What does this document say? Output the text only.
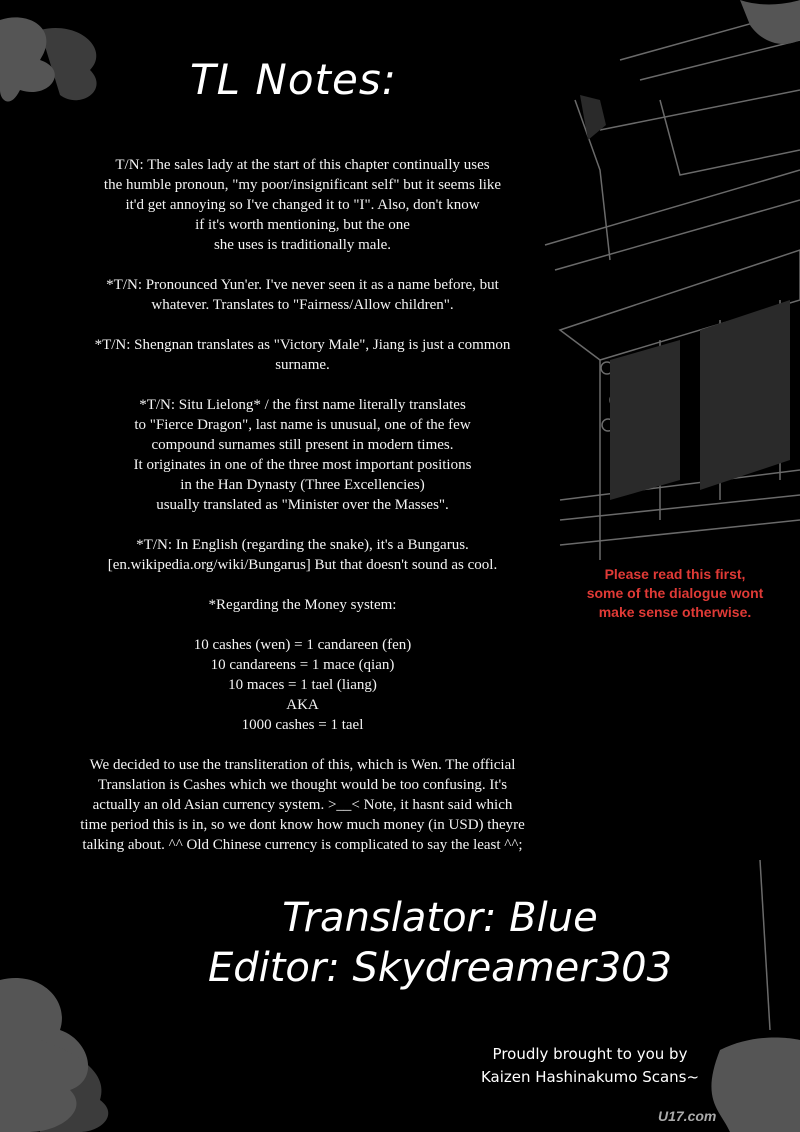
TL Notes:

T/N: The sales lady at the start of this chapter continually uses
the humble pronoun, "my poor/insignificant self" but it seems like
it'd get annoying so I've changed it to "I". Also, don't know
if it's worth mentioning, but the one
she uses is traditionally male.

*T/N: Pronounced Yun'er. I've never seen it as a name before, but
whatever. Translates to "Fairness/Allow children".

*T/N: Shengnan translates as "Victory Male", Jiang is just a common
surname.

*T/N: Situ Lielong* / the first name literally translates
to "Fierce Dragon", last name is unusual, one of the few
compound surnames still present in modern times.
It originates in one of the three most important positions
in the Han Dynasty (Three Excellencies)
usually translated as "Minister over the Masses".

*T/N: In English (regarding the snake), it's a Bungarus.
[en.wikipedia.org/wiki/Bungarus] But that doesn't sound as cool.

*Regarding the Money system:

10 cashes (wen) = 1 candareen (fen)
10 candareens = 1 mace (qian)
10 maces = 1 tael (liang)
AKA
1000 cashes = 1 tael

We decided to use the transliteration of this, which is Wen. The official
Translation is Cashes which we thought would be too confusing. It's
actually an old Asian currency system. >__< Note, it hasnt said which
time period this is in, so we dont know how much money (in USD) theyre
talking about. ^^ Old Chinese currency is complicated to say the least ^^;

Please read this first,
some of the dialogue wont
make sense otherwise.
Translator: Blue
Editor: Skydreamer303
Proudly brought to you by
Kaizen Hashinakumo Scans~
U17.com
